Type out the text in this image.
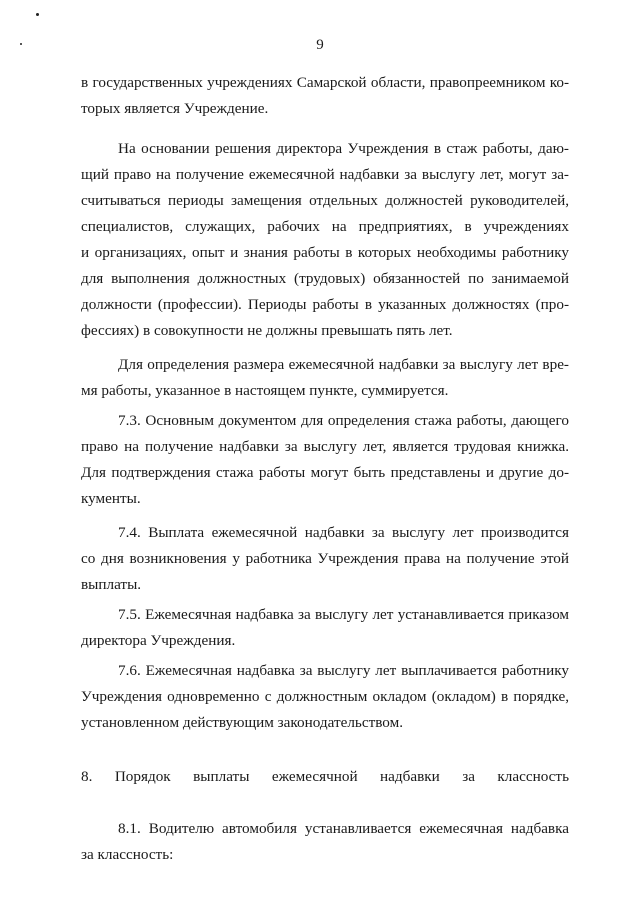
9

в государственных учреждениях Самарской области, правопреемником ко-

торых является Учреждение.

На основании решения директора Учреждения в стаж работы, даю-

щий право на получение ежемесячной надбавки за выслугу лет, могут за-

считываться периоды замещения отдельных должностей руководителей,

специалистов, служащих, рабочих на предприятиях, в учреждениях

и организациях, опыт и знания работы в которых необходимы работнику

для выполнения должностных (трудовых) обязанностей по занимаемой

должности (профессии). Периоды работы в указанных должностях (про-

фессиях) в совокупности не должны превышать пять лет.

Для определения размера ежемесячной надбавки за выслугу лет вре-

мя работы, указанное в настоящем пункте, суммируется.

7.3. Основным документом для определения стажа работы, дающего

право на получение надбавки за выслугу лет, является трудовая книжка.

Для подтверждения стажа работы могут быть представлены и другие до-

кументы.

7.4. Выплата ежемесячной надбавки за выслугу лет производится

со дня возникновения у работника Учреждения права на получение этой

выплаты.

7.5. Ежемесячная надбавка за выслугу лет устанавливается приказом

директора Учреждения.

7.6. Ежемесячная надбавка за выслугу лет выплачивается работнику

Учреждения одновременно с должностным окладом (окладом) в порядке,

установленном действующим законодательством.

8. Порядок выплаты ежемесячной надбавки за классность

8.1. Водителю автомобиля устанавливается ежемесячная надбавка

за классность:
